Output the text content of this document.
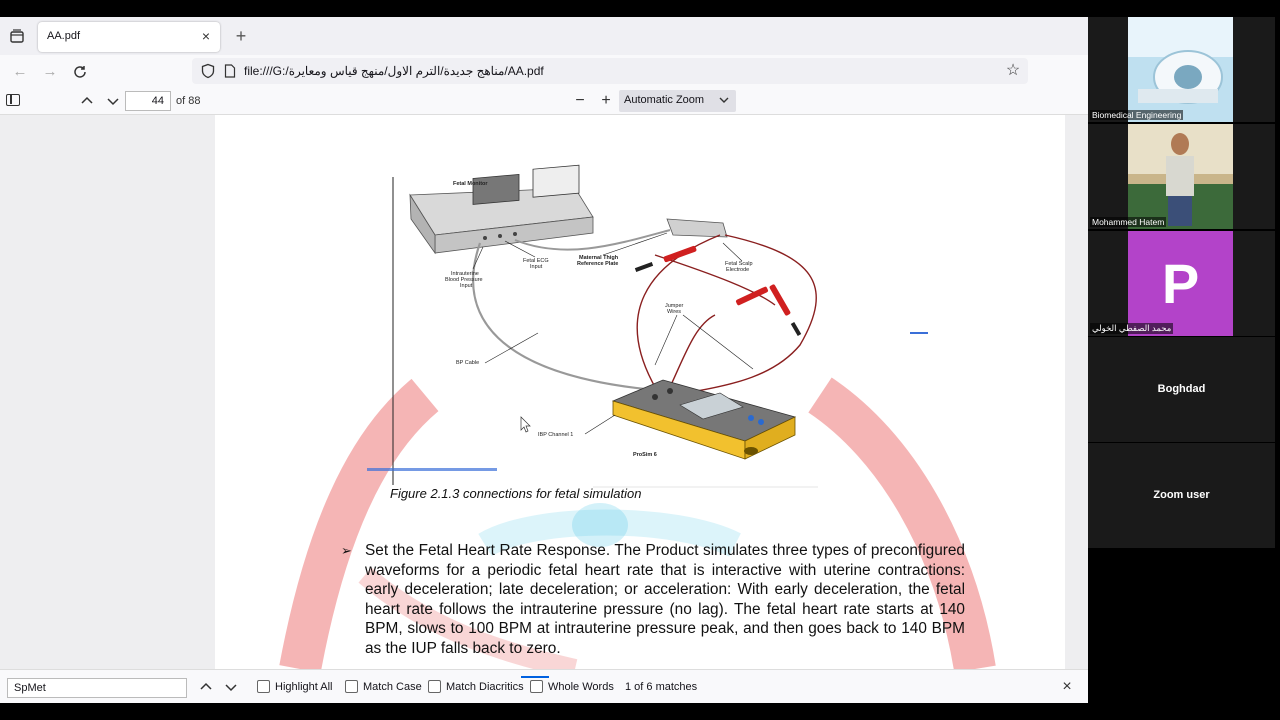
AA.pdf	× +
← →	file:///G:/مناهج جديدة/الترم الاول/منهج قياس ومعايرة/AA.pdf	☆
44	of 88	− +	Automatic Zoom
Fetal Monitor
Intrauterine
Blood Pressure
Input
Fetal ECG
Input
Maternal Thigh
Reference Plate	Fetal Scalp
Electrode
Jumper
Wires
BP Cable
IBP Channel 1
ProSim 6
Figure 2.1.3 connections for fetal simulation
➢ Set the Fetal Heart Rate Response. The Product simulates three types of preconfigured waveforms for a periodic fetal heart rate that is interactive with uterine contractions: early deceleration; late deceleration; or acceleration: With early deceleration, the fetal heart rate follows the intrauterine pressure (no lag). The fetal heart rate starts at 140 BPM, slows to 100 BPM at intrauterine pressure peak, and then goes back to 140 BPM as the IUP falls back to zero.
SpMet	Highlight All	Match Case	Match Diacritics	Whole Words 1 of 6 matches	×
Biomedical Engineering
Mohammed Hatem
P
محمد الصفطي الخولي
Boghdad
Zoom user
